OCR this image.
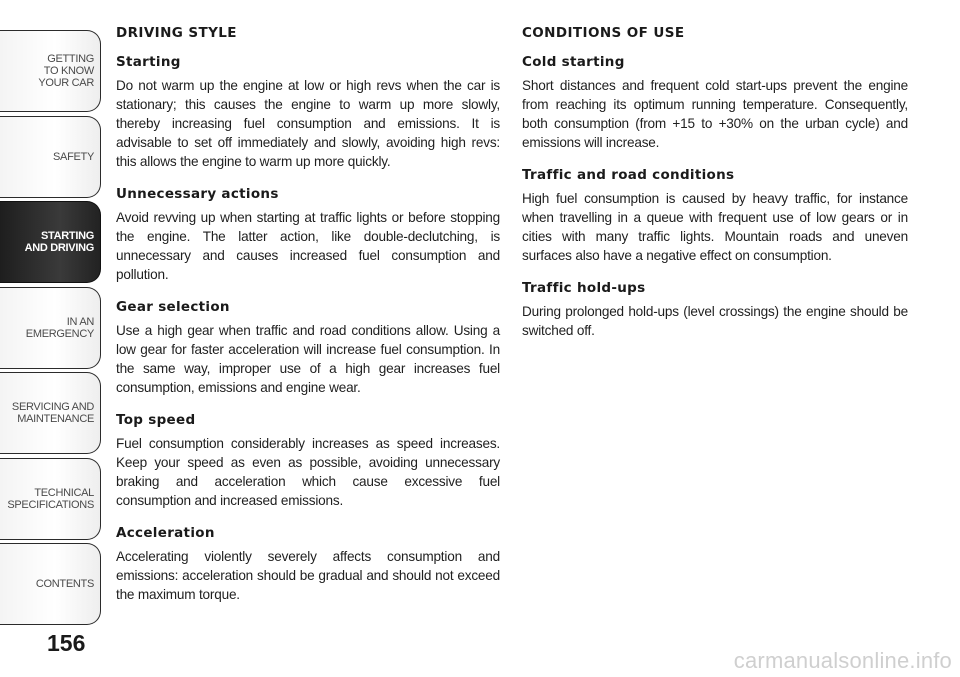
GETTING
TO KNOW
YOUR CAR
SAFETY
STARTING
AND DRIVING
IN AN
EMERGENCY
SERVICING AND
MAINTENANCE
TECHNICAL
SPECIFICATIONS
CONTENTS
156
DRIVING STYLE
Starting

Do not warm up the engine at low or high revs when the car is stationary; this causes the engine to warm up more slowly, thereby increasing fuel consumption and emissions. It is advisable to set off immediately and slowly, avoiding high revs: this allows the engine to warm up more quickly.

Unnecessary actions

Avoid revving up when starting at traffic lights or before stopping the engine. The latter action, like double-declutching, is unnecessary and causes increased fuel consumption and pollution.

Gear selection

Use a high gear when traffic and road conditions allow. Using a low gear for faster acceleration will increase fuel consumption. In the same way, improper use of a high gear increases fuel consumption, emissions and engine wear.

Top speed

Fuel consumption considerably increases as speed increases. Keep your speed as even as possible, avoiding unnecessary braking and acceleration which cause excessive fuel consumption and increased emissions.

Acceleration

Accelerating violently severely affects consumption and emissions: acceleration should be gradual and should not exceed the maximum torque.

CONDITIONS OF USE
Cold starting

Short distances and frequent cold start-ups prevent the engine from reaching its optimum running temperature. Consequently, both consumption (from +15 to +30% on the urban cycle) and emissions will increase.

Traffic and road conditions

High fuel consumption is caused by heavy traffic, for instance when travelling in a queue with frequent use of low gears or in cities with many traffic lights. Mountain roads and uneven surfaces also have a negative effect on consumption.

Traffic hold-ups

During prolonged hold-ups (level crossings) the engine should be switched off.

carmanualsonline.info
